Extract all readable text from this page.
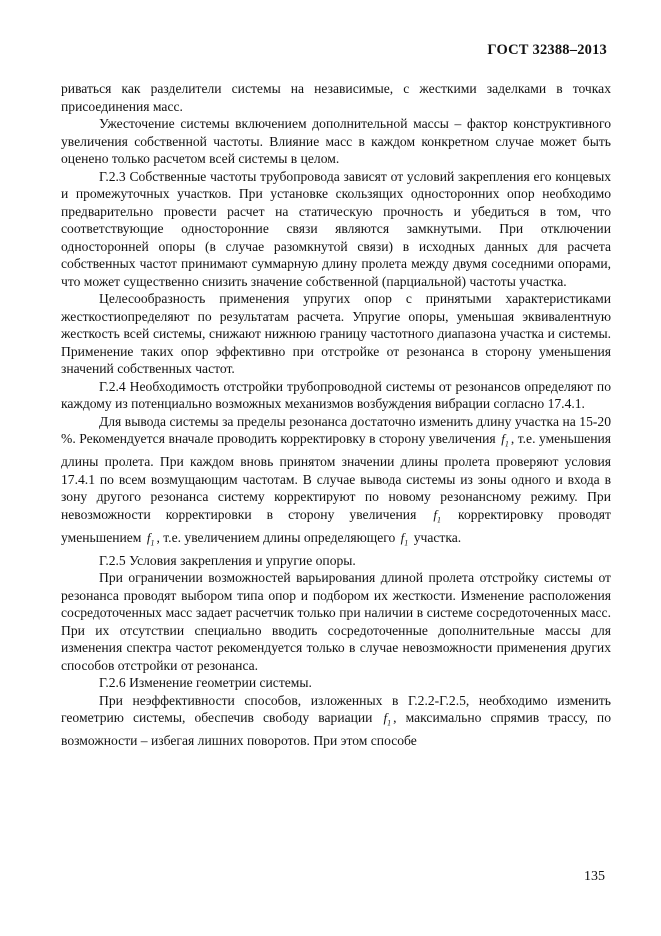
ГОСТ 32388–2013

риваться как разделители системы на независимые, с жесткими заделками в точках присоединения масс.

Ужесточение системы включением дополнительной массы – фактор конструктивного увеличения собственной частоты. Влияние масс в каждом конкретном случае может быть оценено только расчетом всей системы в целом.

Г.2.3 Собственные частоты трубопровода зависят от условий закрепления его концевых и промежуточных участков. При установке скользящих односторонних опор необходимо предварительно провести расчет на статическую прочность и убедиться в том, что соответствующие односторонние связи являются замкнутыми. При отключении односторонней опоры (в случае разомкнутой связи) в исходных данных для расчета собственных частот принимают суммарную длину пролета между двумя соседними опорами, что может существенно снизить значение собственной (парциальной) частоты участка.

Целесообразность применения упругих опор с принятыми характеристиками жесткостиопределяют по результатам расчета. Упругие опоры, уменьшая эквивалентную жесткость всей системы, снижают нижнюю границу частотного диапазона участка и системы. Применение таких опор эффективно при отстройке от резонанса в сторону уменьшения значений собственных частот.

Г.2.4 Необходимость отстройки трубопроводной системы от резонансов определяют по каждому из потенциально возможных механизмов возбуждения вибрации согласно 17.4.1.

Для вывода системы за пределы резонанса достаточно изменить длину участка на 15-20 %. Рекомендуется вначале проводить корректировку в сторону увеличения $f_1$ , т.е. уменьшения длины пролета. При каждом вновь принятом значении длины пролета проверяют условия 17.4.1 по всем возмущающим частотам. В случае вывода системы из зоны одного и входа в зону другого резонанса систему корректируют по новому резонансному режиму. При невозможности корректировки в сторону увеличения $f_1$ корректировку проводят уменьшением $f_1$ , т.е. увеличением длины определяющего $f_1$ участка.

Г.2.5 Условия закрепления и упругие опоры.

При ограничении возможностей варьирования длиной пролета отстройку системы от резонанса проводят выбором типа опор и подбором их жесткости. Изменение расположения сосредоточенных масс задает расчетчик только при наличии в системе сосредоточенных масс. При их отсутствии специально вводить сосредоточенные дополнительные массы для изменения спектра частот рекомендуется только в случае невозможности применения других способов отстройки от резонанса.

Г.2.6 Изменение геометрии системы.

При неэффективности способов, изложенных в Г.2.2-Г.2.5, необходимо изменить геометрию системы, обеспечив свободу вариации $f_1$ , максимально спрямив трассу, по возможности – избегая лишних поворотов. При этом способе

135
